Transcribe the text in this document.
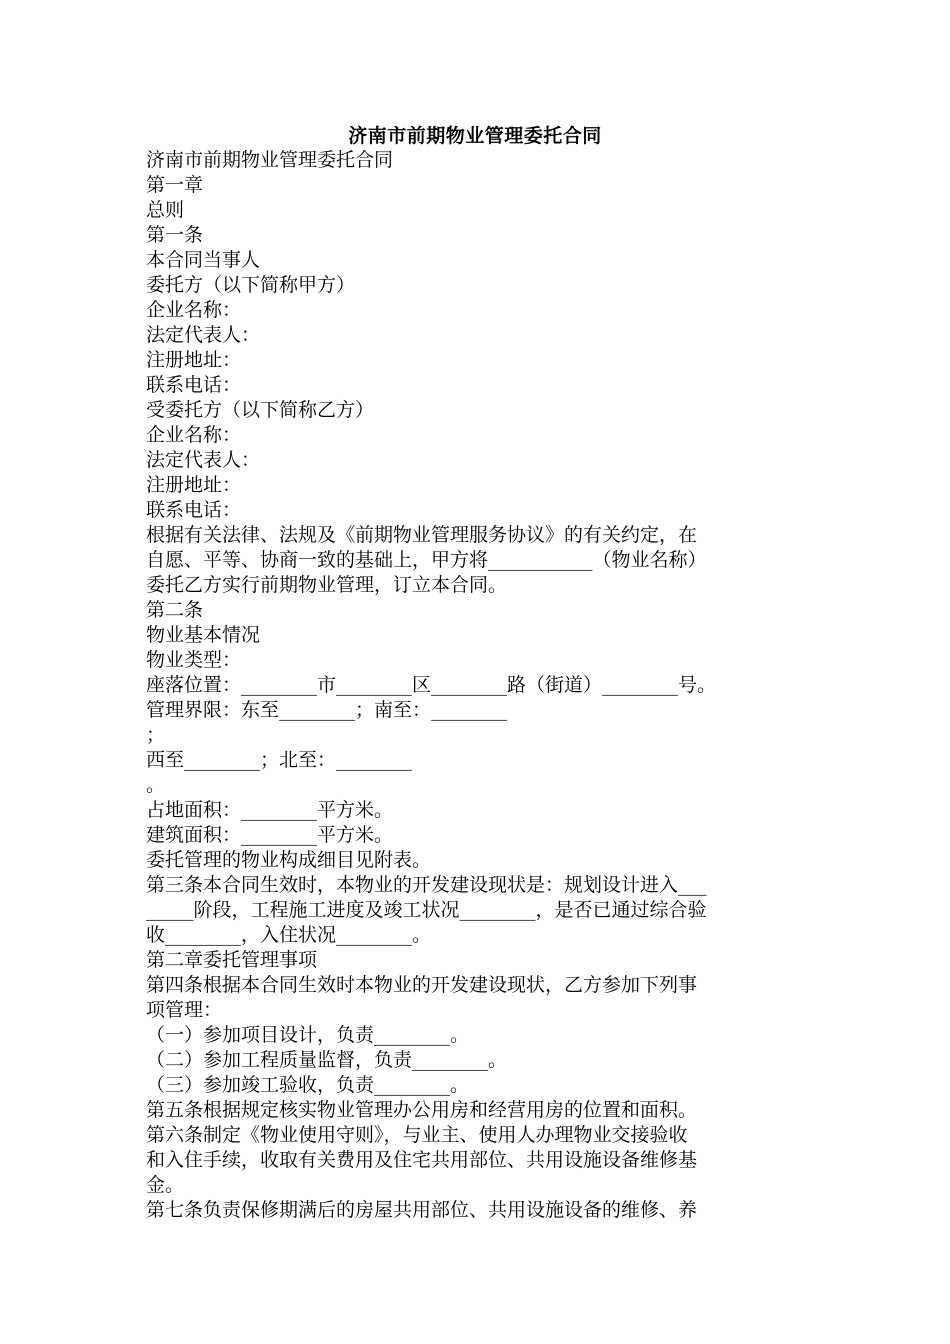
济南市前期物业管理委托合同
济南市前期物业管理委托合同
第一章
总则
第一条
本合同当事人
委托方（以下简称甲方）
企业名称：
法定代表人：
注册地址：
联系电话：
受委托方（以下简称乙方）
企业名称：
法定代表人：
注册地址：
联系电话：
根据有关法律、法规及《前期物业管理服务协议》的有关约定，在
自愿、平等、协商一致的基础上，甲方将___________（物业名称）
委托乙方实行前期物业管理，订立本合同。
第二条
物业基本情况
物业类型：
座落位置：________市________区________路（街道）________号。
管理界限：东至________；南至：________
；
西至________；北至：________
。
占地面积：________平方米。
建筑面积：________平方米。
委托管理的物业构成细目见附表。
第三条本合同生效时，本物业的开发建设现状是：规划设计进入___
_____阶段，工程施工进度及竣工状况________，是否已通过综合验
收________，入住状况________。
第二章委托管理事项
第四条根据本合同生效时本物业的开发建设现状，乙方参加下列事
项管理：
（一）参加项目设计，负责________。
（二）参加工程质量监督，负责________。
（三）参加竣工验收，负责________。
第五条根据规定核实物业管理办公用房和经营用房的位置和面积。
第六条制定《物业使用守则》，与业主、使用人办理物业交接验收
和入住手续，收取有关费用及住宅共用部位、共用设施设备维修基
金。
第七条负责保修期满后的房屋共用部位、共用设施设备的维修、养
